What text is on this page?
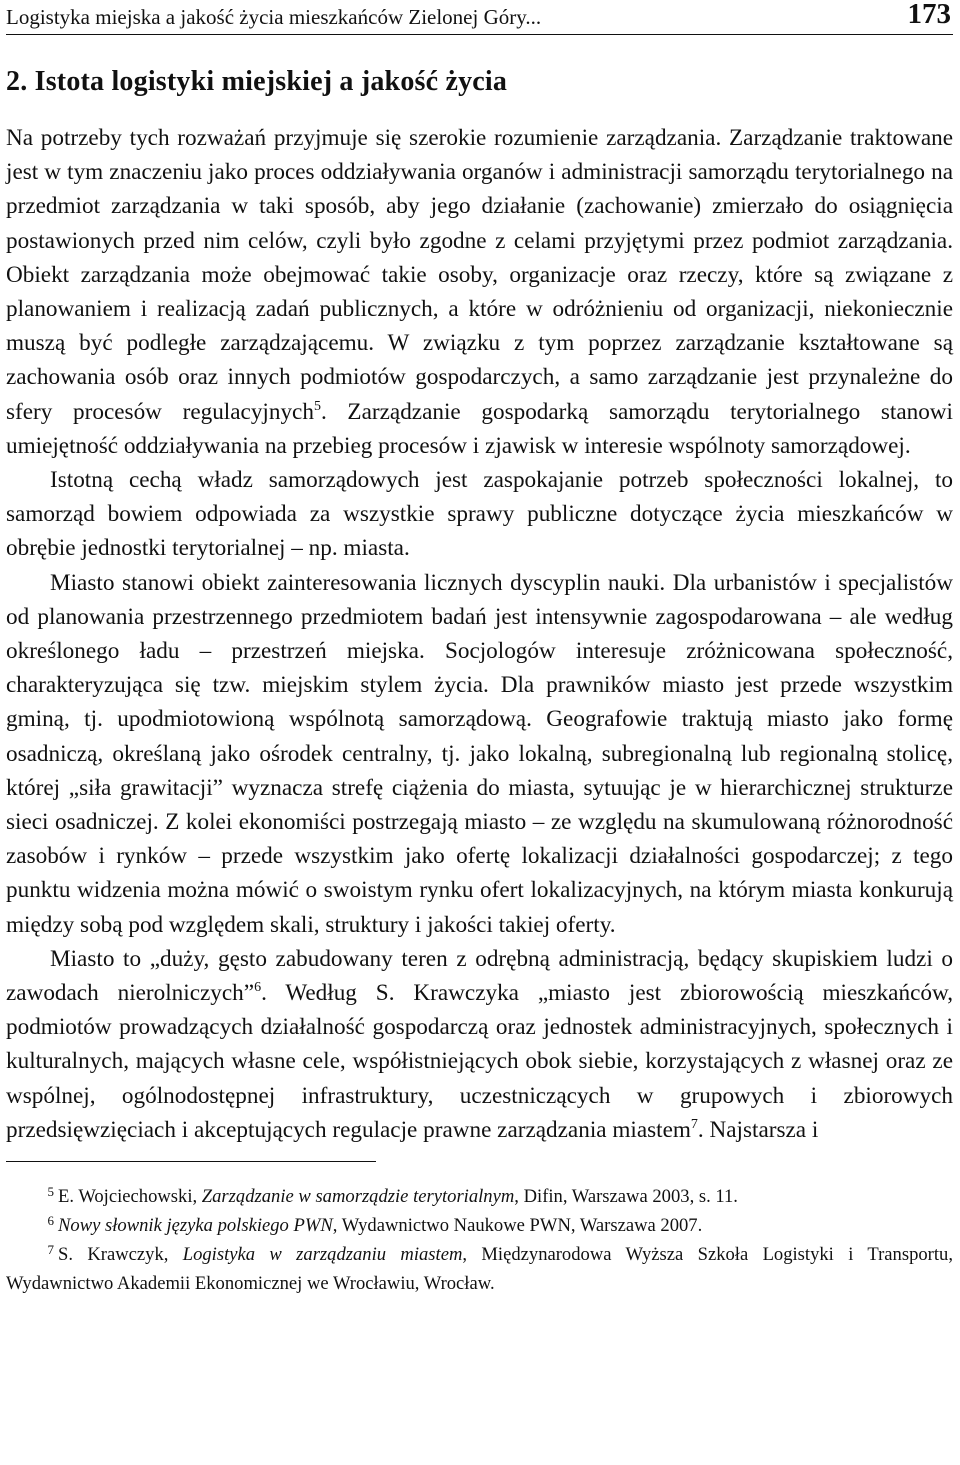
Logistyka miejska a jakość życia mieszkańców Zielonej Góry...	173
2. Istota logistyki miejskiej a jakość życia

Na potrzeby tych rozważań przyjmuje się szerokie rozumienie zarządzania. Zarządzanie traktowane jest w tym znaczeniu jako proces oddziaływania organów i administracji samorządu terytorialnego na przedmiot zarządzania w taki sposób, aby jego działanie (zachowanie) zmierzało do osiągnięcia postawionych przed nim celów, czyli było zgodne z celami przyjętymi przez podmiot zarządzania. Obiekt zarządzania może obejmować takie osoby, organizacje oraz rzeczy, które są związane z planowaniem i realizacją zadań publicznych, a które w odróżnieniu od organizacji, niekoniecznie muszą być podległe zarządzającemu. W związku z tym poprzez zarządzanie kształtowane są zachowania osób oraz innych podmiotów gospodarczych, a samo zarządzanie jest przynależne do sfery procesów regulacyjnych$^5$. Zarządzanie gospodarką samorządu terytorialnego stanowi umiejętność oddziaływania na przebieg procesów i zjawisk w interesie wspólnoty samorządowej.

Istotną cechą władz samorządowych jest zaspokajanie potrzeb społeczności lokalnej, to samorząd bowiem odpowiada za wszystkie sprawy publiczne dotyczące życia mieszkańców w obrębie jednostki terytorialnej – np. miasta.

Miasto stanowi obiekt zainteresowania licznych dyscyplin nauki. Dla urbanistów i specjalistów od planowania przestrzennego przedmiotem badań jest intensywnie zagospodarowana – ale według określonego ładu – przestrzeń miejska. Socjologów interesuje zróżnicowana społeczność, charakteryzująca się tzw. miejskim stylem życia. Dla prawników miasto jest przede wszystkim gminą, tj. upodmiotowioną wspólnotą samorządową. Geografowie traktują miasto jako formę osadniczą, określaną jako ośrodek centralny, tj. jako lokalną, subregionalną lub regionalną stolicę, której „siła grawitacji” wyznacza strefę ciążenia do miasta, sytuując je w hierarchicznej strukturze sieci osadniczej. Z kolei ekonomiści postrzegają miasto – ze względu na skumulowaną różnorodność zasobów i rynków – przede wszystkim jako ofertę lokalizacji działalności gospodarczej; z tego punktu widzenia można mówić o swoistym rynku ofert lokalizacyjnych, na którym miasta konkurują między sobą pod względem skali, struktury i jakości takiej oferty.

Miasto to „duży, gęsto zabudowany teren z odrębną administracją, będący skupiskiem ludzi o zawodach nierolniczych”$^6$. Według S. Krawczyka „miasto jest zbiorowością mieszkańców, podmiotów prowadzących działalność gospodarczą oraz jednostek administracyjnych, społecznych i kulturalnych, mających własne cele, współistniejących obok siebie, korzystających z własnej oraz ze wspólnej, ogólnodostępnej infrastruktury, uczestniczących w grupowych i zbiorowych przedsięwzięciach i akceptujących regulacje prawne zarządzania miastem$^7$. Najstarsza i

5 E. Wojciechowski, Zarządzanie w samorządzie terytorialnym, Difin, Warszawa 2003, s. 11.

6 Nowy słownik języka polskiego PWN, Wydawnictwo Naukowe PWN, Warszawa 2007.

7 S. Krawczyk, Logistyka w zarządzaniu miastem, Międzynarodowa Wyższa Szkoła Logistyki i Transportu, Wydawnictwo Akademii Ekonomicznej we Wrocławiu, Wrocław.
